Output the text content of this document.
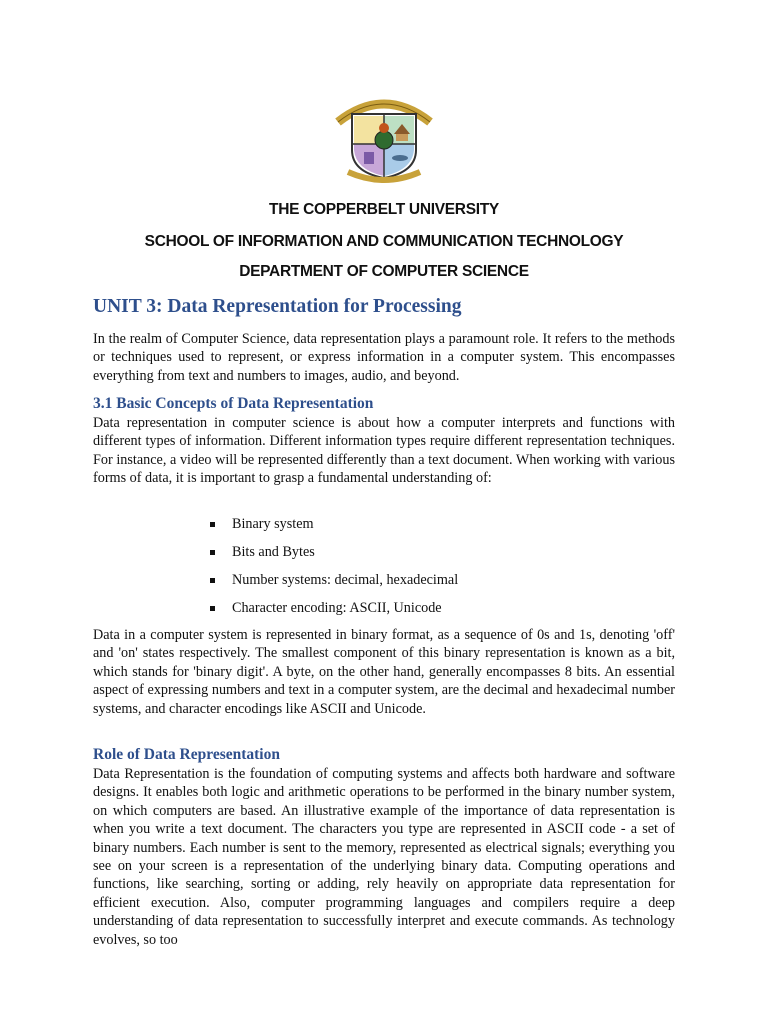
THE COPPERBELT UNIVERSITY
SCHOOL OF INFORMATION AND COMMUNICATION TECHNOLOGY
DEPARTMENT OF COMPUTER SCIENCE
UNIT 3: Data Representation for Processing
In the realm of Computer Science, data representation plays a paramount role. It refers to the methods or techniques used to represent, or express information in a computer system. This encompasses everything from text and numbers to images, audio, and beyond.
3.1 Basic Concepts of Data Representation
Data representation in computer science is about how a computer interprets and functions with different types of information. Different information types require different representation techniques. For instance, a video will be represented differently than a text document. When working with various forms of data, it is important to grasp a fundamental understanding of:
Binary system
Bits and Bytes
Number systems: decimal, hexadecimal
Character encoding: ASCII, Unicode
Data in a computer system is represented in binary format, as a sequence of 0s and 1s, denoting 'off' and 'on' states respectively. The smallest component of this binary representation is known as a bit, which stands for 'binary digit'. A byte, on the other hand, generally encompasses 8 bits. An essential aspect of expressing numbers and text in a computer system, are the decimal and hexadecimal number systems, and character encodings like ASCII and Unicode.
Role of Data Representation
Data Representation is the foundation of computing systems and affects both hardware and software designs. It enables both logic and arithmetic operations to be performed in the binary number system, on which computers are based. An illustrative example of the importance of data representation is when you write a text document. The characters you type are represented in ASCII code - a set of binary numbers. Each number is sent to the memory, represented as electrical signals; everything you see on your screen is a representation of the underlying binary data. Computing operations and functions, like searching, sorting or adding, rely heavily on appropriate data representation for efficient execution. Also, computer programming languages and compilers require a deep understanding of data representation to successfully interpret and execute commands. As technology evolves, so too
